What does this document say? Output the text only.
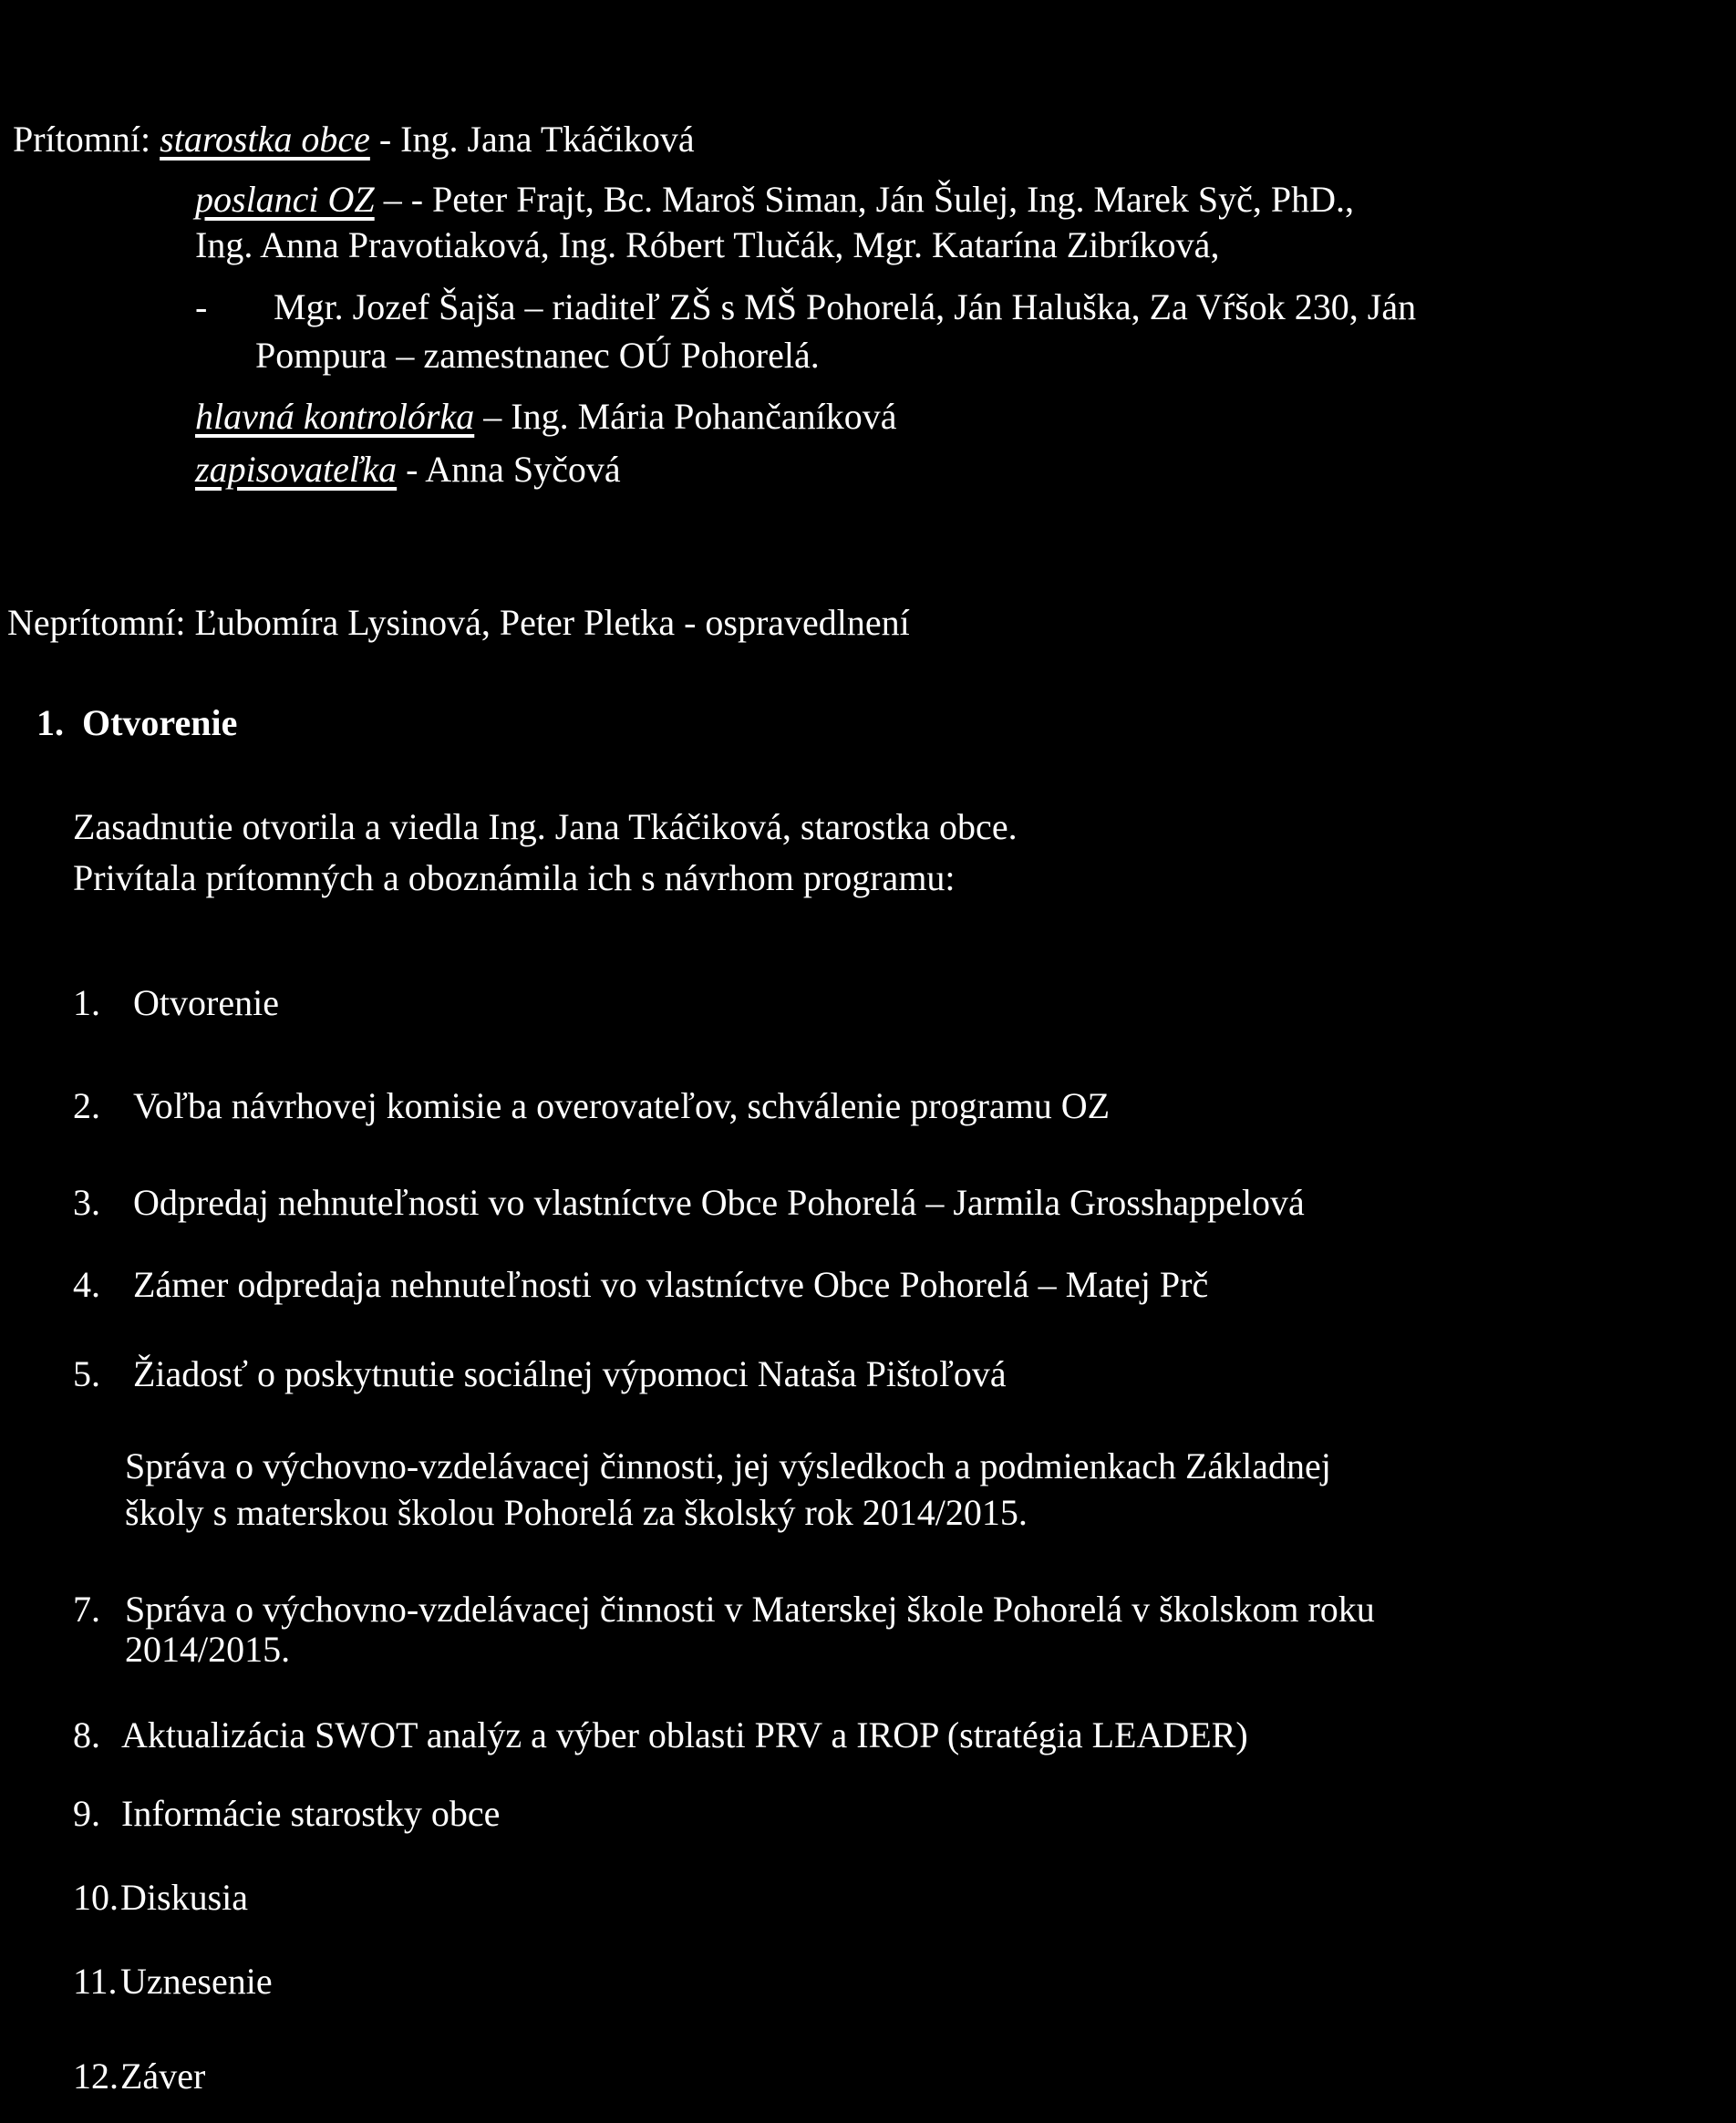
Prítomní: starostka obce - Ing. Jana Tkáčiková
poslanci OZ – - Peter Frajt, Bc. Maroš Siman, Ján Šulej, Ing. Marek Syč, PhD.,
Ing. Anna Pravotiaková, Ing. Róbert Tlučák, Mgr. Katarína Zibríková,
- Mgr. Jozef Šajša – riaditeľ ZŠ s MŠ Pohorelá, Ján Haluška, Za Vŕšok 230, Ján
Pompura – zamestnanec OÚ Pohorelá.
hlavná kontrolórka – Ing. Mária Pohančaníková
zapisovateľka - Anna Syčová
Neprítomní: Ľubomíra Lysinová, Peter Pletka - ospravedlnení
1. Otvorenie
Zasadnutie otvorila a viedla Ing. Jana Tkáčiková, starostka obce.
Privítala prítomných a oboznámila ich s návrhom programu:
1. Otvorenie
2. Voľba návrhovej komisie a overovateľov, schválenie programu OZ
3. Odpredaj nehnuteľnosti vo vlastníctve Obce Pohorelá – Jarmila Grosshappelová
4. Zámer odpredaja nehnuteľnosti vo vlastníctve Obce Pohorelá – Matej Prč
5. Žiadosť o poskytnutie sociálnej výpomoci Nataša Pištoľová
Správa o výchovno-vzdelávacej činnosti, jej výsledkoch a podmienkach Základnej
školy s materskou školou Pohorelá za školský rok 2014/2015.
7. Správa o výchovno-vzdelávacej činnosti v Materskej škole Pohorelá v školskom roku
2014/2015.
8. Aktualizácia SWOT analýz a výber oblasti PRV a IROP (stratégia LEADER)
9. Informácie starostky obce
10. Diskusia
11. Uznesenie
12. Záver
